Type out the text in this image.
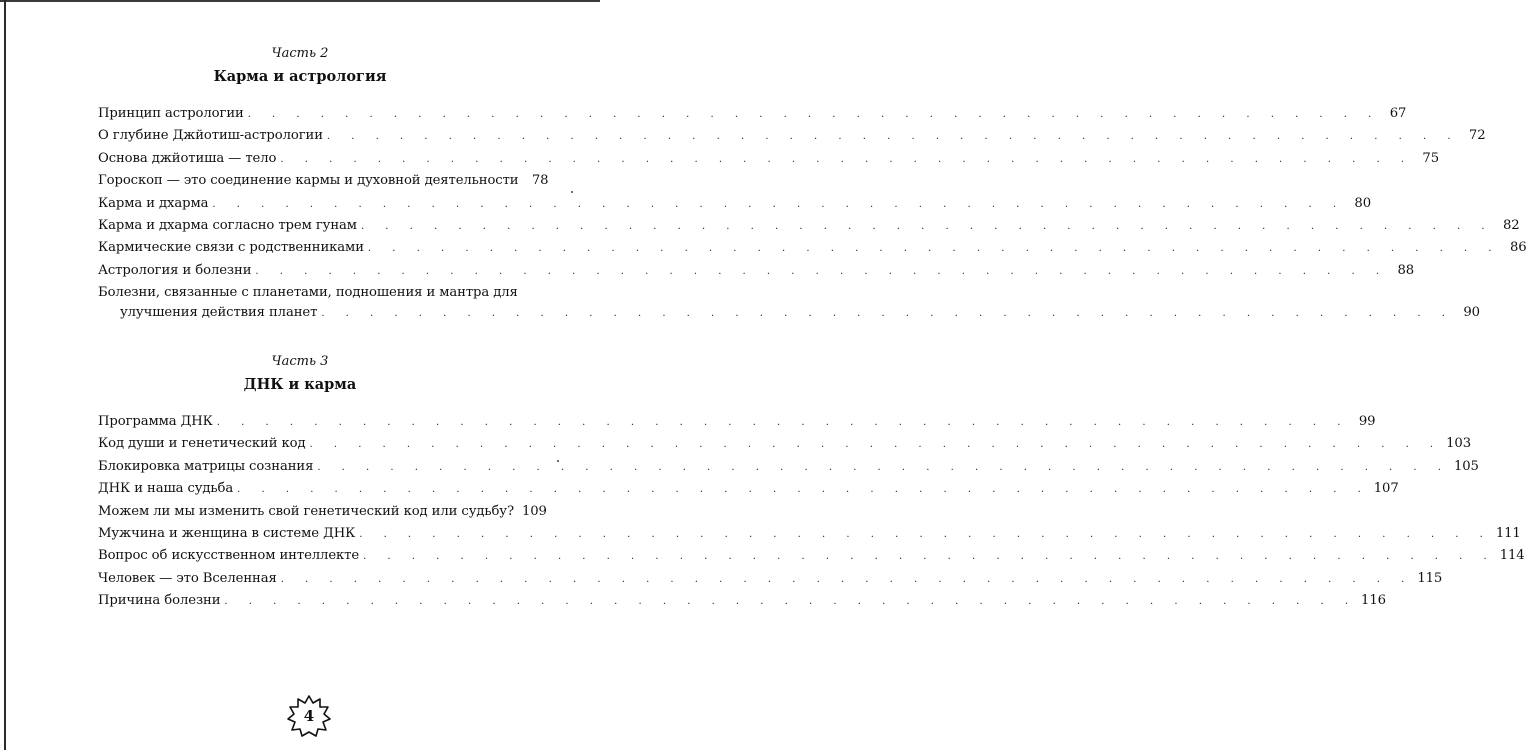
Часть 2
Карма и астрология
Принцип астрологии . . . . . . . . . . . . . . . . . . . . . . . . . . . . . . . . . . . . . . . . . . . . . . . 67
О глубине Джйотиш-астрологии . . . . . . . . . . . . . . . . . . . . . . . . . . . . . . . . . . . . . . . . . . . . . . . 72
Основа джйотиша — тело . . . . . . . . . . . . . . . . . . . . . . . . . . . . . . . . . . . . . . . . . . . . . . . 75
Гороскоп — это соединение кармы и духовной деятельности	78
Карма и дхарма . . . . . . . . . . . . . . . . . . . . . . . . . . . . . . . . . . . . . . . . . . . . . . . 80
Карма и дхарма согласно трем гунам . . . . . . . . . . . . . . . . . . . . . . . . . . . . . . . . . . . . . . . . . . . . . . . 82
Кармические связи с родственниками . . . . . . . . . . . . . . . . . . . . . . . . . . . . . . . . . . . . . . . . . . . . . . . 86
Астрология и болезни . . . . . . . . . . . . . . . . . . . . . . . . . . . . . . . . . . . . . . . . . . . . . . . 88
Болезни, связанные с планетами, подношения и мантра для
улучшения действия планет . . . . . . . . . . . . . . . . . . . . . . . . . . . . . . . . . . . . . . . . . . . . . . . 90
Часть 3
ДНК и карма
Программа ДНК . . . . . . . . . . . . . . . . . . . . . . . . . . . . . . . . . . . . . . . . . . . . . . . 99
Код души и генетический код . . . . . . . . . . . . . . . . . . . . . . . . . . . . . . . . . . . . . . . . . . . . . . . 103
Блокировка матрицы сознания . . . . . . . . . . . . . . . . . . . . . . . . . . . . . . . . . . . . . . . . . . . . . . . 105
ДНК и наша судьба . . . . . . . . . . . . . . . . . . . . . . . . . . . . . . . . . . . . . . . . . . . . . . . 107
Можем ли мы изменить свой генетический код или судьбу? 109
Мужчина и женщина в системе ДНК . . . . . . . . . . . . . . . . . . . . . . . . . . . . . . . . . . . . . . . . . . . . . . . 111
Вопрос об искусственном интеллекте . . . . . . . . . . . . . . . . . . . . . . . . . . . . . . . . . . . . . . . . . . . . . . . 114
Человек — это Вселенная . . . . . . . . . . . . . . . . . . . . . . . . . . . . . . . . . . . . . . . . . . . . . . . 115
Причина болезни . . . . . . . . . . . . . . . . . . . . . . . . . . . . . . . . . . . . . . . . . . . . . . . 116
4
